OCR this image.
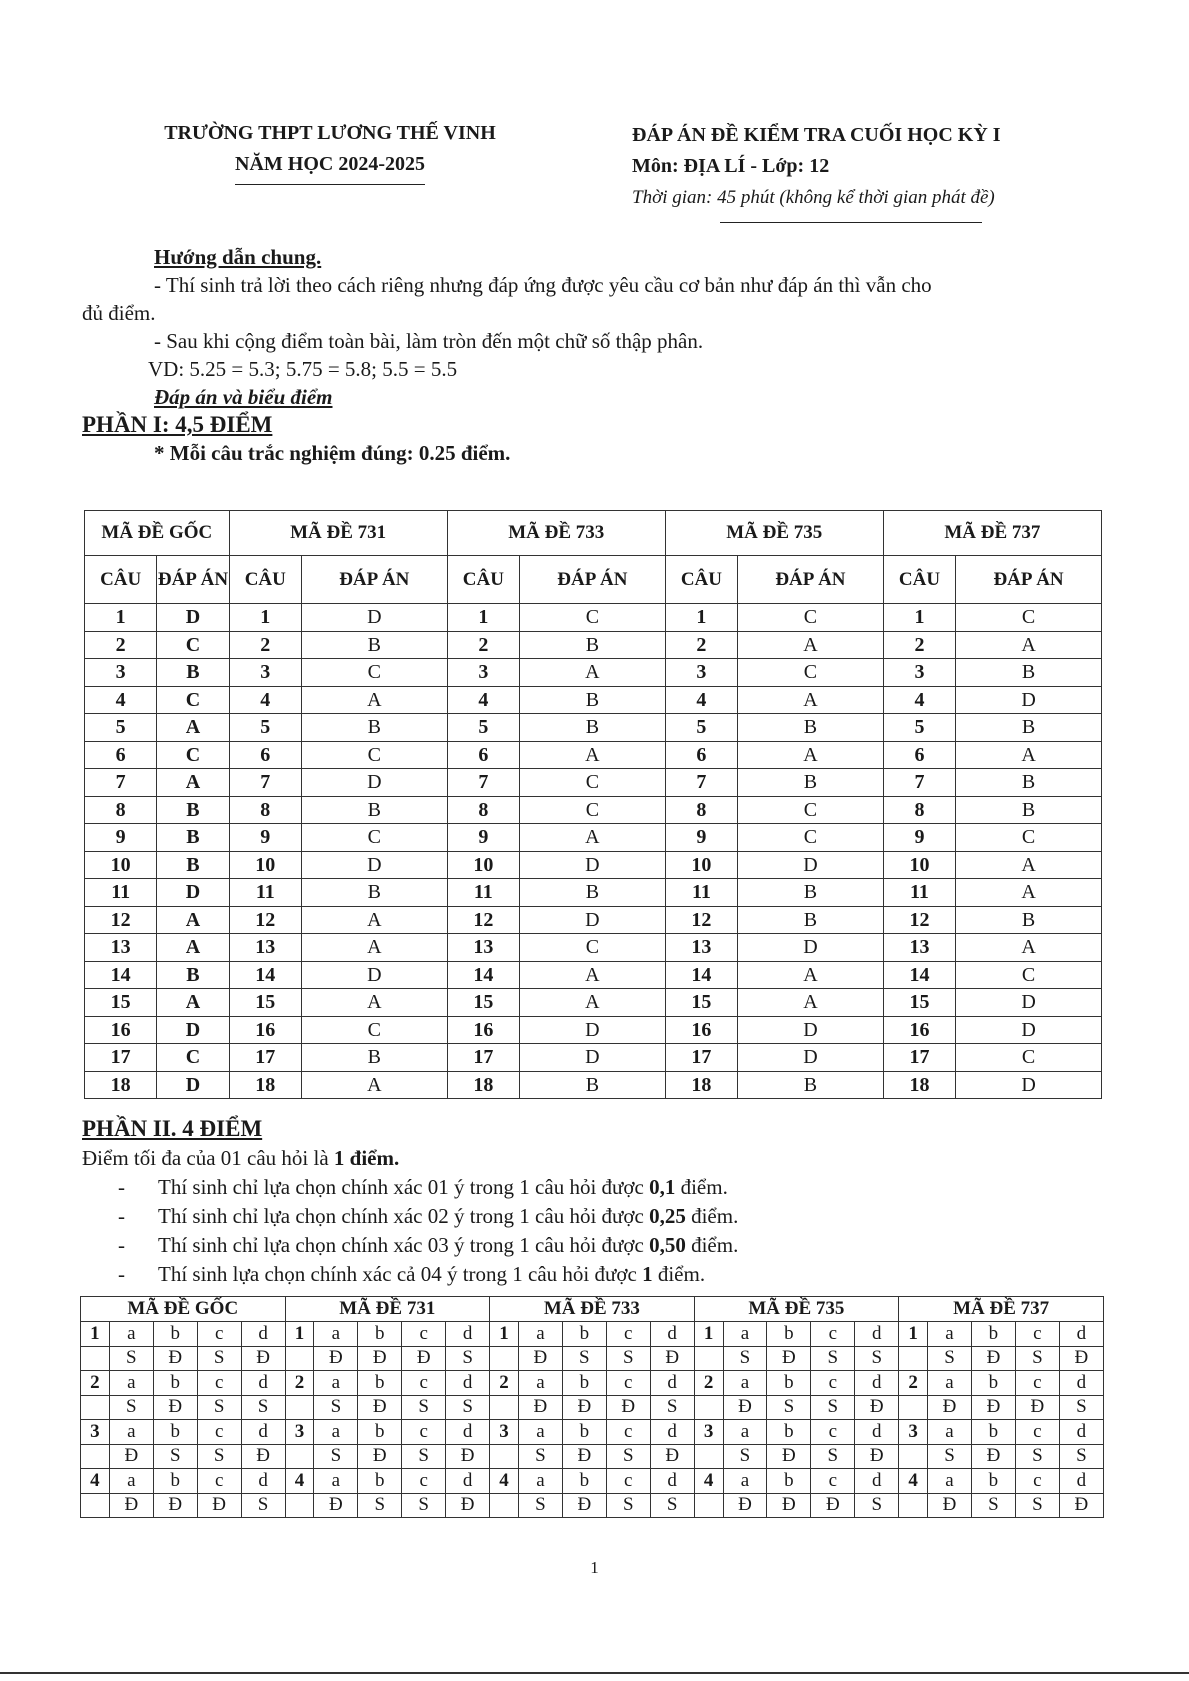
TRƯỜNG THPT LƯƠNG THẾ VINH
NĂM HỌC 2024-2025
ĐÁP ÁN ĐỀ KIỂM TRA CUỐI HỌC KỲ I
Môn: ĐỊA LÍ - Lớp: 12
Thời gian: 45 phút (không kể thời gian phát đề)

Hướng dẫn chung.

- Thí sinh trả lời theo cách riêng nhưng đáp ứng được yêu cầu cơ bản như đáp án thì vẫn cho

đủ điểm.

- Sau khi cộng điểm toàn bài, làm tròn đến một chữ số thập phân.

VD: 5.25 = 5.3; 5.75 = 5.8; 5.5 = 5.5

Đáp án và biểu điểm

PHẦN I: 4,5 ĐIỂM

* Mỗi câu trắc nghiệm đúng: 0.25 điểm.

MÃ ĐỀ GỐC		MÃ ĐỀ 731		MÃ ĐỀ 733		MÃ ĐỀ 735		MÃ ĐỀ 737	
CÂU	ĐÁP ÁN	CÂU	ĐÁP ÁN	CÂU	ĐÁP ÁN	CÂU	ĐÁP ÁN	CÂU	ĐÁP ÁN
1	D	1	D	1	C	1	C	1	C
2	C	2	B	2	B	2	A	2	A
3	B	3	C	3	A	3	C	3	B
4	C	4	A	4	B	4	A	4	D
5	A	5	B	5	B	5	B	5	B
6	C	6	C	6	A	6	A	6	A
7	A	7	D	7	C	7	B	7	B
8	B	8	B	8	C	8	C	8	B
9	B	9	C	9	A	9	C	9	C
10	B	10	D	10	D	10	D	10	A
11	D	11	B	11	B	11	B	11	A
12	A	12	A	12	D	12	B	12	B
13	A	13	A	13	C	13	D	13	A
14	B	14	D	14	A	14	A	14	C
15	A	15	A	15	A	15	A	15	D
16	D	16	C	16	D	16	D	16	D
17	C	17	B	17	D	17	D	17	C
18	D	18	A	18	B	18	B	18	D

PHẦN II. 4 ĐIỂM

Điểm tối đa của 01 câu hỏi là 1 điểm.

- Thí sinh chỉ lựa chọn chính xác 01 ý trong 1 câu hỏi được 0,1 điểm.

- Thí sinh chỉ lựa chọn chính xác 02 ý trong 1 câu hỏi được 0,25 điểm.

- Thí sinh chỉ lựa chọn chính xác 03 ý trong 1 câu hỏi được 0,50 điểm.

- Thí sinh lựa chọn chính xác cả 04 ý trong 1 câu hỏi được 1 điểm.

MÃ ĐỀ GỐC					MÃ ĐỀ 731					MÃ ĐỀ 733					MÃ ĐỀ 735					MÃ ĐỀ 737				
1	a	b	c	d	1	a	b	c	d	1	a	b	c	d	1	a	b	c	d	1	a	b	c	d
	S	Đ	S	Đ		Đ	Đ	Đ	S		Đ	S	S	Đ		S	Đ	S	S		S	Đ	S	Đ
2	a	b	c	d	2	a	b	c	d	2	a	b	c	d	2	a	b	c	d	2	a	b	c	d
	S	Đ	S	S		S	Đ	S	S		Đ	Đ	Đ	S		Đ	S	S	Đ		Đ	Đ	Đ	S
3	a	b	c	d	3	a	b	c	d	3	a	b	c	d	3	a	b	c	d	3	a	b	c	d
	Đ	S	S	Đ		S	Đ	S	Đ		S	Đ	S	Đ		S	Đ	S	Đ		S	Đ	S	S
4	a	b	c	d	4	a	b	c	d	4	a	b	c	d	4	a	b	c	d	4	a	b	c	d
	Đ	Đ	Đ	S		Đ	S	S	Đ		S	Đ	S	S		Đ	Đ	Đ	S		Đ	S	S	Đ
1
